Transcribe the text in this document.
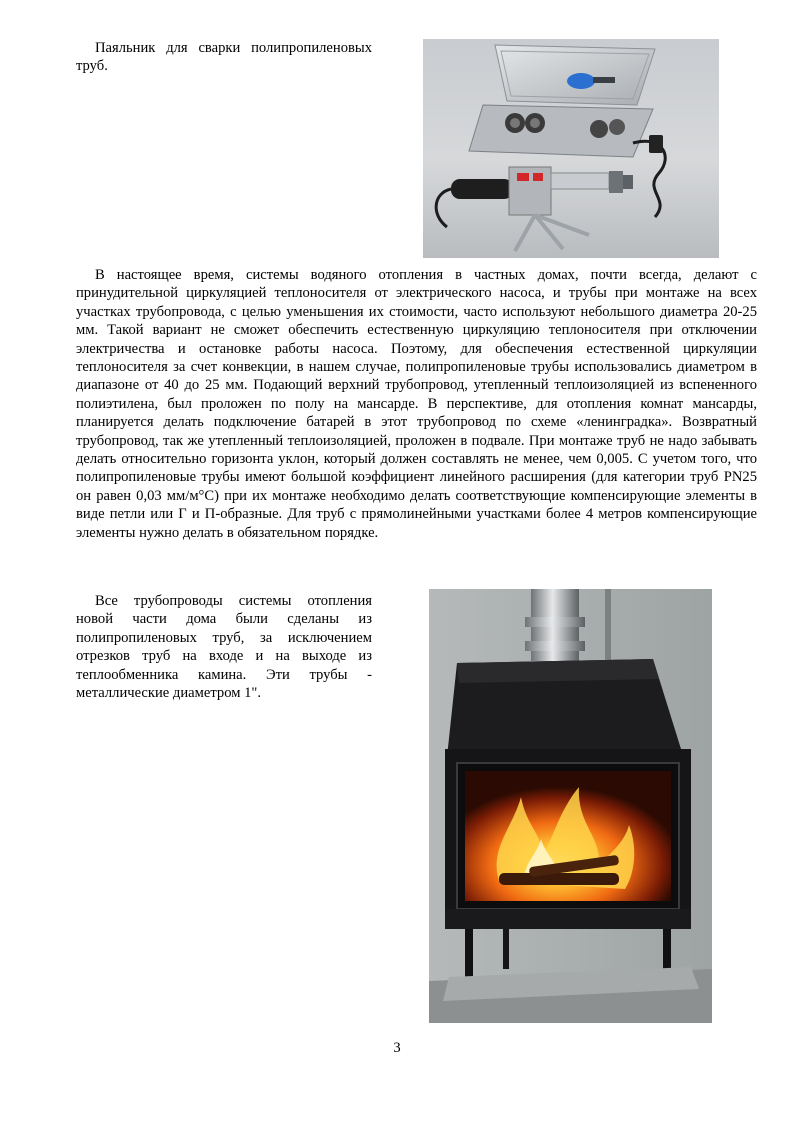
Паяльник для сварки полипропиленовых труб.
В настоящее время, системы водяного отопления в частных домах, почти всегда, делают с принудительной циркуляцией теплоносителя от электрического насоса, и трубы при монтаже на всех участках трубопровода, с целью уменьшения их стоимости, часто используют небольшого диаметра 20-25 мм. Такой вариант не сможет обеспечить естественную циркуляцию теплоносителя при отключении электричества и остановке работы насоса. Поэтому, для обеспечения естественной циркуляции теплоносителя за счет конвекции, в нашем случае, полипропиленовые трубы использовались диаметром в диапазоне от 40 до 25 мм. Подающий верхний трубопровод, утепленный теплоизоляцией из вспененного полиэтилена, был проложен по полу на мансарде. В перспективе, для отопления комнат мансарды, планируется делать подключение батарей в этот трубопровод по схеме «ленинградка». Возвратный трубопровод, так же утепленный теплоизоляцией, проложен в подвале. При монтаже труб не надо забывать делать относительно горизонта уклон, который должен составлять не менее, чем 0,005. С учетом того, что полипропиленовые трубы имеют большой коэффициент линейного расширения (для категории труб PN25 он равен 0,03 мм/м°С) при их монтаже необходимо делать соответствующие компенсирующие элементы в виде петли или Г и П-образные. Для труб с прямолинейными участками более 4 метров компенсирующие элементы нужно делать в обязательном порядке.
Все трубопроводы системы отопления новой части дома были сделаны из полипропиленовых труб, за исключением отрезков труб на входе и на выходе из теплообменника камина. Эти трубы - металлические диаметром 1".
3
